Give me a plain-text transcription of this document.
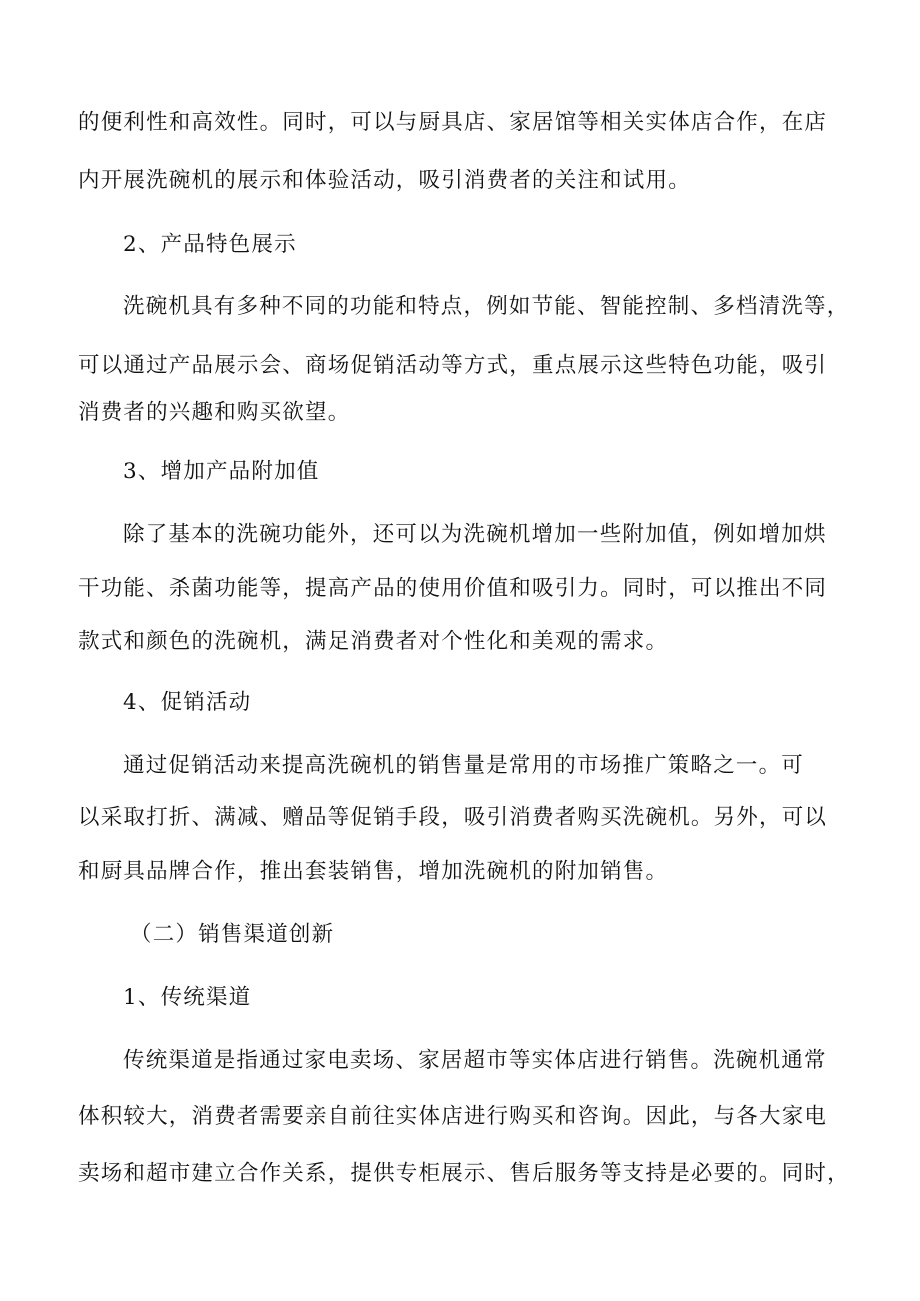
的便利性和高效性。同时，可以与厨具店、家居馆等相关实体店合作，在店
内开展洗碗机的展示和体验活动，吸引消费者的关注和试用。
2、产品特色展示
洗碗机具有多种不同的功能和特点，例如节能、智能控制、多档清洗等，
可以通过产品展示会、商场促销活动等方式，重点展示这些特色功能，吸引
消费者的兴趣和购买欲望。
3、增加产品附加值
除了基本的洗碗功能外，还可以为洗碗机增加一些附加值，例如增加烘
干功能、杀菌功能等，提高产品的使用价值和吸引力。同时，可以推出不同
款式和颜色的洗碗机，满足消费者对个性化和美观的需求。
4、促销活动
通过促销活动来提高洗碗机的销售量是常用的市场推广策略之一。可
以采取打折、满减、赠品等促销手段，吸引消费者购买洗碗机。另外，可以
和厨具品牌合作，推出套装销售，增加洗碗机的附加销售。
（二）销售渠道创新
1、传统渠道
传统渠道是指通过家电卖场、家居超市等实体店进行销售。洗碗机通常
体积较大，消费者需要亲自前往实体店进行购买和咨询。因此，与各大家电
卖场和超市建立合作关系，提供专柜展示、售后服务等支持是必要的。同时，
